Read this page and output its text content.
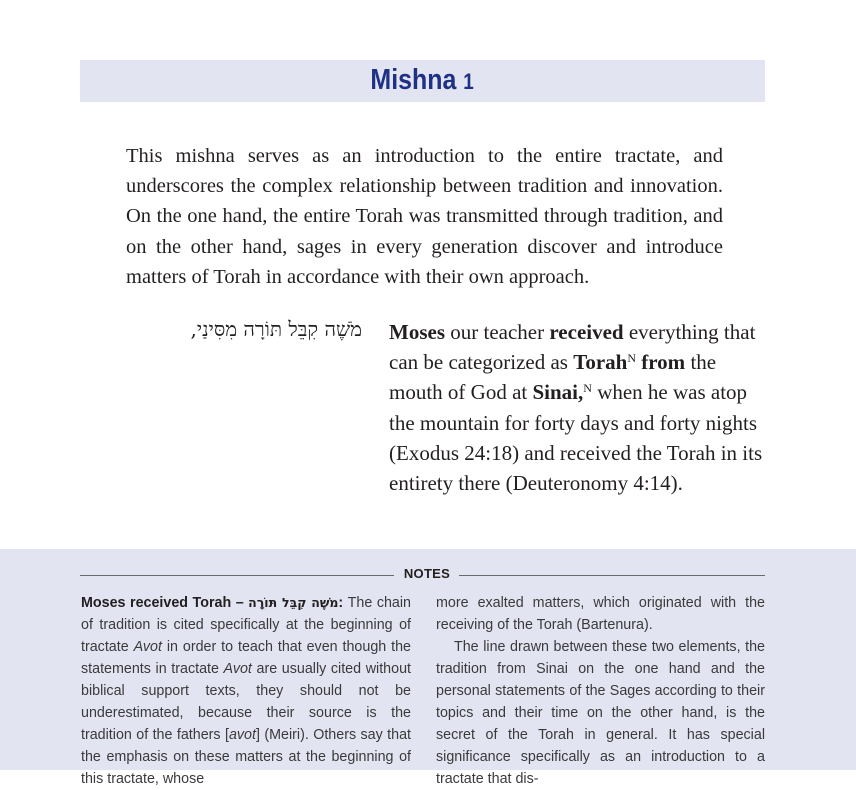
Mishna 1

This mishna serves as an introduction to the entire tractate, and underscores the complex relationship between tradition and innovation. On the one hand, the entire Torah was transmitted through tradition, and on the other hand, sages in every generation discover and introduce matters of Torah in accordance with their own approach.

מֹשֶׁה קִבֵּל תּוֹרָה מִסִּינַי, Moses our teacher received everything that can be categorized as Torah$^N$ from the mouth of God at Sinai,$^N$ when he was atop the mountain for forty days and forty nights (Exodus 24:18) and received the Torah in its entirety there (Deuteronomy 4:14).

NOTES

Moses received Torah – מֹשֶׁה קִבֵּל תּוֹרָה: The chain of tradition is cited specifically at the beginning of tractate Avot in order to teach that even though the statements in tractate Avot are usually cited without biblical support texts, they should not be underestimated, because their source is the tradition of the fathers [avot] (Meiri). Others say that the emphasis on these matters at the beginning of this tractate, whose

more exalted matters, which originated with the receiving of the Torah (Bartenura).

The line drawn between these two elements, the tradition from Sinai on the one hand and the personal statements of the Sages according to their topics and their time on the other hand, is the secret of the Torah in general. It has special significance specifically as an introduction to a tractate that dis-
